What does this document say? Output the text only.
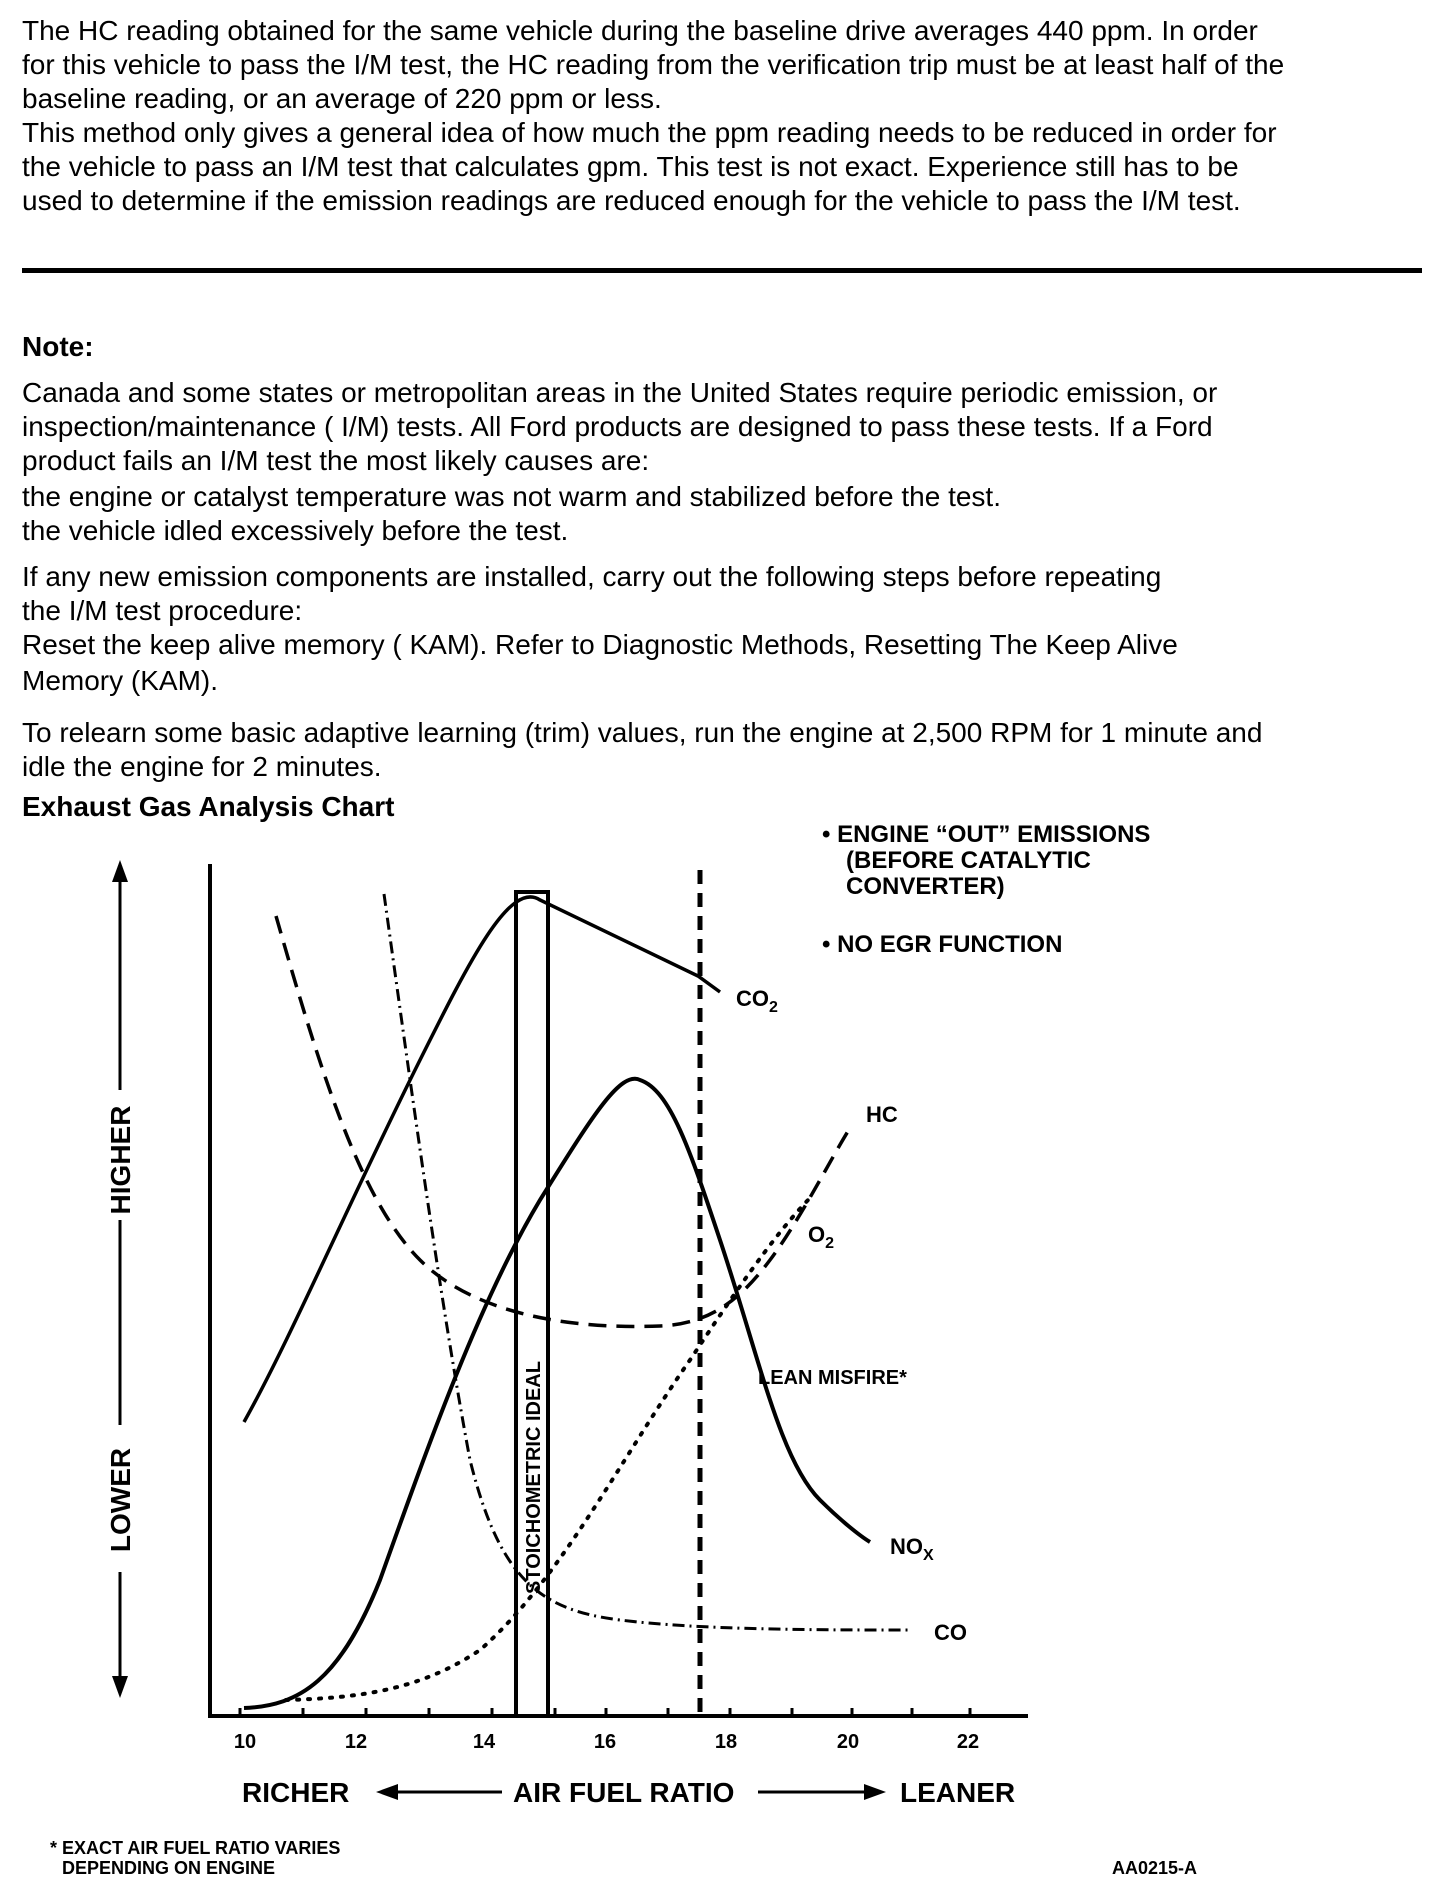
The HC reading obtained for the same vehicle during the baseline drive averages 440 ppm. In order

for this vehicle to pass the I/M test, the HC reading from the verification trip must be at least half of the

baseline reading, or an average of 220 ppm or less.

This method only gives a general idea of how much the ppm reading needs to be reduced in order for

the vehicle to pass an I/M test that calculates gpm. This test is not exact. Experience still has to be

used to determine if the emission readings are reduced enough for the vehicle to pass the I/M test.

Note:

Canada and some states or metropolitan areas in the United States require periodic emission, or

inspection/maintenance ( I/M) tests. All Ford products are designed to pass these tests. If a Ford

product fails an I/M test the most likely causes are:

the engine or catalyst temperature was not warm and stabilized before the test.

the vehicle idled excessively before the test.

If any new emission components are installed, carry out the following steps before repeating

the I/M test procedure:

Reset the keep alive memory ( KAM). Refer to Diagnostic Methods, Resetting The Keep Alive

Memory (KAM).

To relearn some basic adaptive learning (trim) values, run the engine at 2,500 RPM for 1 minute and

idle the engine for 2 minutes.

Exhaust Gas Analysis Chart
• ENGINE “OUT” EMISSIONS
(BEFORE CATALYTIC
CONVERTER)
• NO EGR FUNCTION
HIGHER
LOWER
10	12	14	16	18	20	22
RICHER	AIR FUEL RATIO	LEANER
STOICHOMETRIC IDEAL	LEAN MISFIRE*
$CO_2$
HC
$O_2$
$NO_X$
CO
* EXACT AIR FUEL RATIO VARIES
DEPENDING ON ENGINE	AA0215-A
